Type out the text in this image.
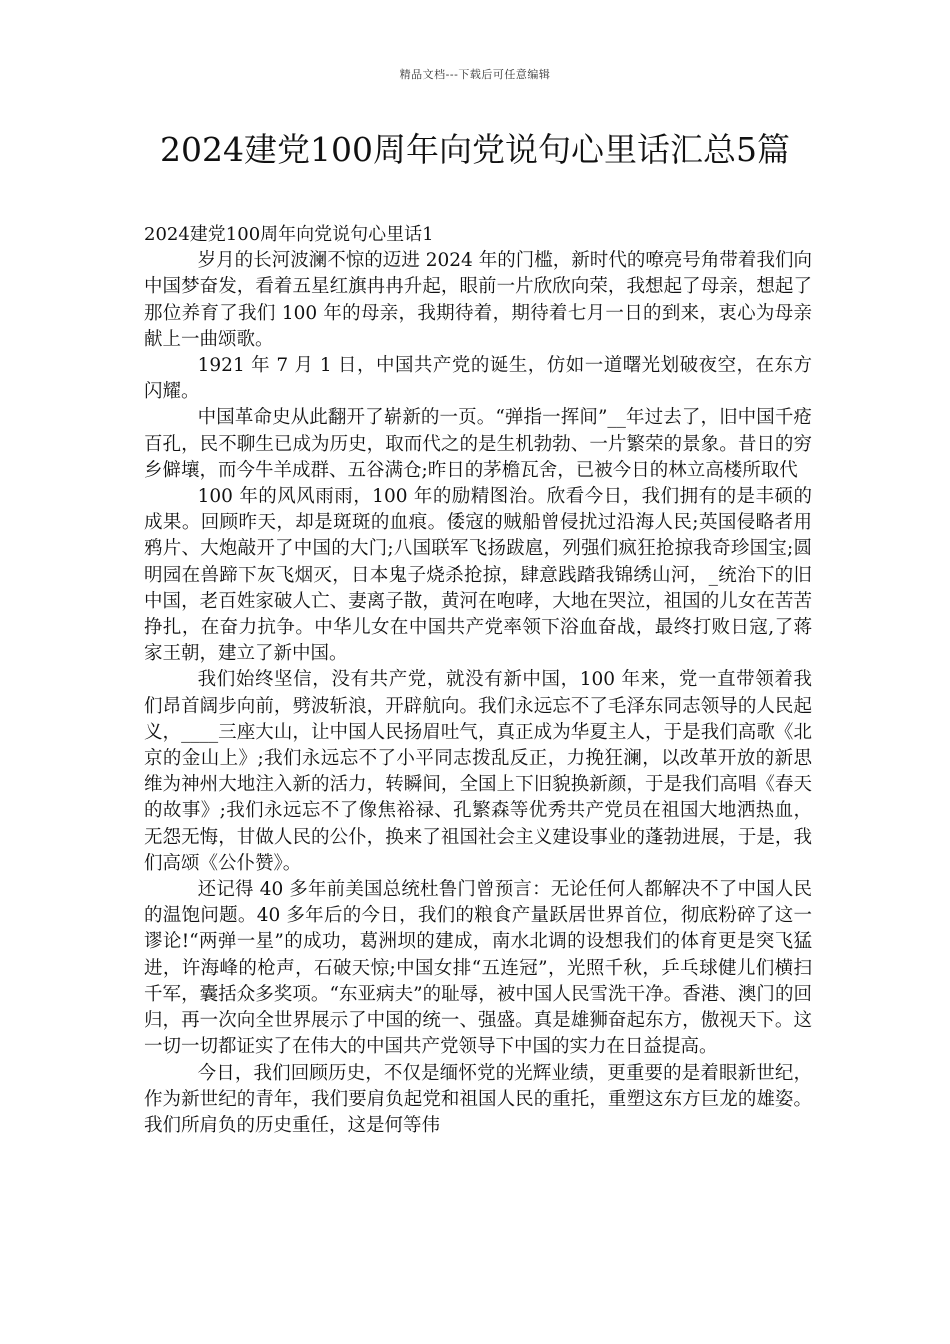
精品文档---下载后可任意编辑
2024建党100周年向党说句心里话汇总5篇

2024建党100周年向党说句心里话1

岁月的长河波澜不惊的迈进 2024 年的门槛，新时代的嘹亮号角带着我们向中国梦奋发，看着五星红旗冉冉升起，眼前一片欣欣向荣，我想起了母亲，想起了那位养育了我们 100 年的母亲，我期待着，期待着七月一日的到来，衷心为母亲献上一曲颂歌。

1921 年 7 月 1 日，中国共产党的诞生，仿如一道曙光划破夜空，在东方闪耀。

中国革命史从此翻开了崭新的一页。“弹指一挥间”__年过去了，旧中国千疮百孔，民不聊生已成为历史，取而代之的是生机勃勃、一片繁荣的景象。昔日的穷乡僻壤，而今牛羊成群、五谷满仓;昨日的茅檐瓦舍，已被今日的林立高楼所取代

100 年的风风雨雨，100 年的励精图治。欣看今日，我们拥有的是丰硕的成果。回顾昨天，却是斑斑的血痕。倭寇的贼船曾侵扰过沿海人民;英国侵略者用鸦片、大炮敲开了中国的大门;八国联军飞扬跋扈，列强们疯狂抢掠我奇珍国宝;圆明园在兽蹄下灰飞烟灭，日本鬼子烧杀抢掠，肆意践踏我锦绣山河，_统治下的旧中国，老百姓家破人亡、妻离子散，黄河在咆哮，大地在哭泣，祖国的儿女在苦苦挣扎，在奋力抗争。中华儿女在中国共产党率领下浴血奋战，最终打败日寇,了蒋家王朝，建立了新中国。

我们始终坚信，没有共产党，就没有新中国，100 年来，党一直带领着我们昂首阔步向前，劈波斩浪，开辟航向。我们永远忘不了毛泽东同志领导的人民起义，____三座大山，让中国人民扬眉吐气，真正成为华夏主人，于是我们高歌《北京的金山上》;我们永远忘不了小平同志拨乱反正，力挽狂澜，以改革开放的新思维为神州大地注入新的活力，转瞬间，全国上下旧貌换新颜，于是我们高唱《春天的故事》;我们永远忘不了像焦裕禄、孔繁森等优秀共产党员在祖国大地洒热血，无怨无悔，甘做人民的公仆，换来了祖国社会主义建设事业的蓬勃进展，于是，我们高颂《公仆赞》。

还记得 40 多年前美国总统杜鲁门曾预言：无论任何人都解决不了中国人民的温饱问题。40 多年后的今日，我们的粮食产量跃居世界首位，彻底粉碎了这一谬论!“两弹一星”的成功，葛洲坝的建成，南水北调的设想我们的体育更是突飞猛进，许海峰的枪声，石破天惊;中国女排“五连冠”，光照千秋，乒乓球健儿们横扫千军，囊括众多奖项。“东亚病夫”的耻辱，被中国人民雪洗干净。香港、澳门的回归，再一次向全世界展示了中国的统一、强盛。真是雄狮奋起东方，傲视天下。这一切一切都证实了在伟大的中国共产党领导下中国的实力在日益提高。

今日，我们回顾历史，不仅是缅怀党的光辉业绩，更重要的是着眼新世纪，作为新世纪的青年，我们要肩负起党和祖国人民的重托，重塑这东方巨龙的雄姿。我们所肩负的历史重任，这是何等伟
